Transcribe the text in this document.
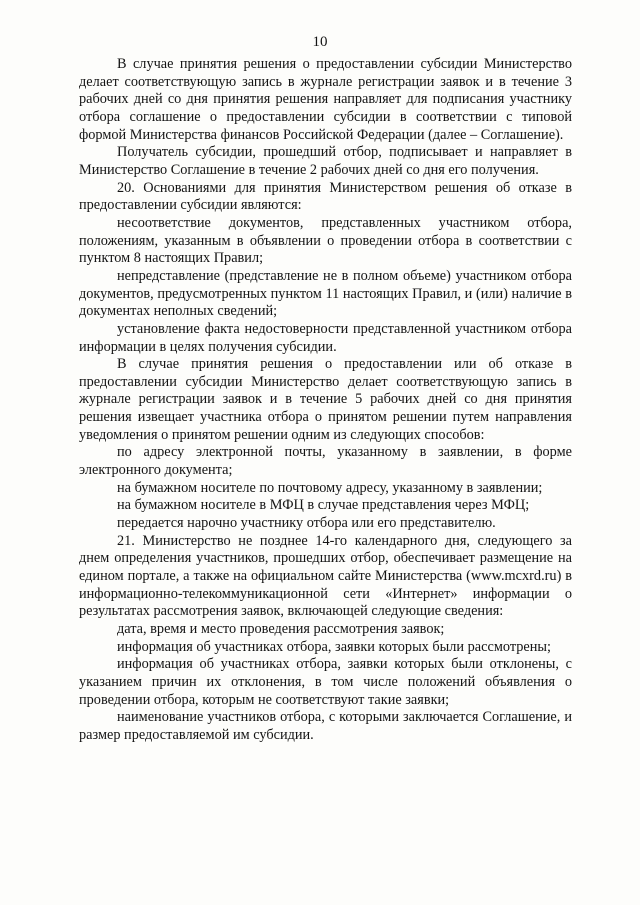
10

В случае принятия решения о предоставлении субсидии Министерство делает соответствующую запись в журнале регистрации заявок и в течение 3 рабочих дней со дня принятия решения направляет для подписания участнику отбора соглашение о предоставлении субсидии в соответствии с типовой формой Министерства финансов Российской Федерации (далее – Соглашение).

Получатель субсидии, прошедший отбор, подписывает и направляет в Министерство Соглашение в течение 2 рабочих дней со дня его получения.

20. Основаниями для принятия Министерством решения об отказе в предоставлении субсидии являются:

несоответствие документов, представленных участником отбора, положениям, указанным в объявлении о проведении отбора в соответствии с пунктом 8 настоящих Правил;

непредставление (представление не в полном объеме) участником отбора документов, предусмотренных пунктом 11 настоящих Правил, и (или) наличие в документах неполных сведений;

установление факта недостоверности представленной участником отбора информации в целях получения субсидии.

В случае принятия решения о предоставлении или об отказе в предоставлении субсидии Министерство делает соответствующую запись в журнале регистрации заявок и в течение 5 рабочих дней со дня принятия решения извещает участника отбора о принятом решении путем направления уведомления о принятом решении одним из следующих способов:

по адресу электронной почты, указанному в заявлении, в форме электронного документа;

на бумажном носителе по почтовому адресу, указанному в заявлении;

на бумажном носителе в МФЦ в случае представления через МФЦ;

передается нарочно участнику отбора или его представителю.

21. Министерство не позднее 14-го календарного дня, следующего за днем определения участников, прошедших отбор, обеспечивает размещение на едином портале, а также на официальном сайте Министерства (www.mcxrd.ru) в информационно-телекоммуникационной сети «Интернет» информации о результатах рассмотрения заявок, включающей следующие сведения:

дата, время и место проведения рассмотрения заявок;

информация об участниках отбора, заявки которых были рассмотрены;

информация об участниках отбора, заявки которых были отклонены, с указанием причин их отклонения, в том числе положений объявления о проведении отбора, которым не соответствуют такие заявки;

наименование участников отбора, с которыми заключается Соглашение, и размер предоставляемой им субсидии.
